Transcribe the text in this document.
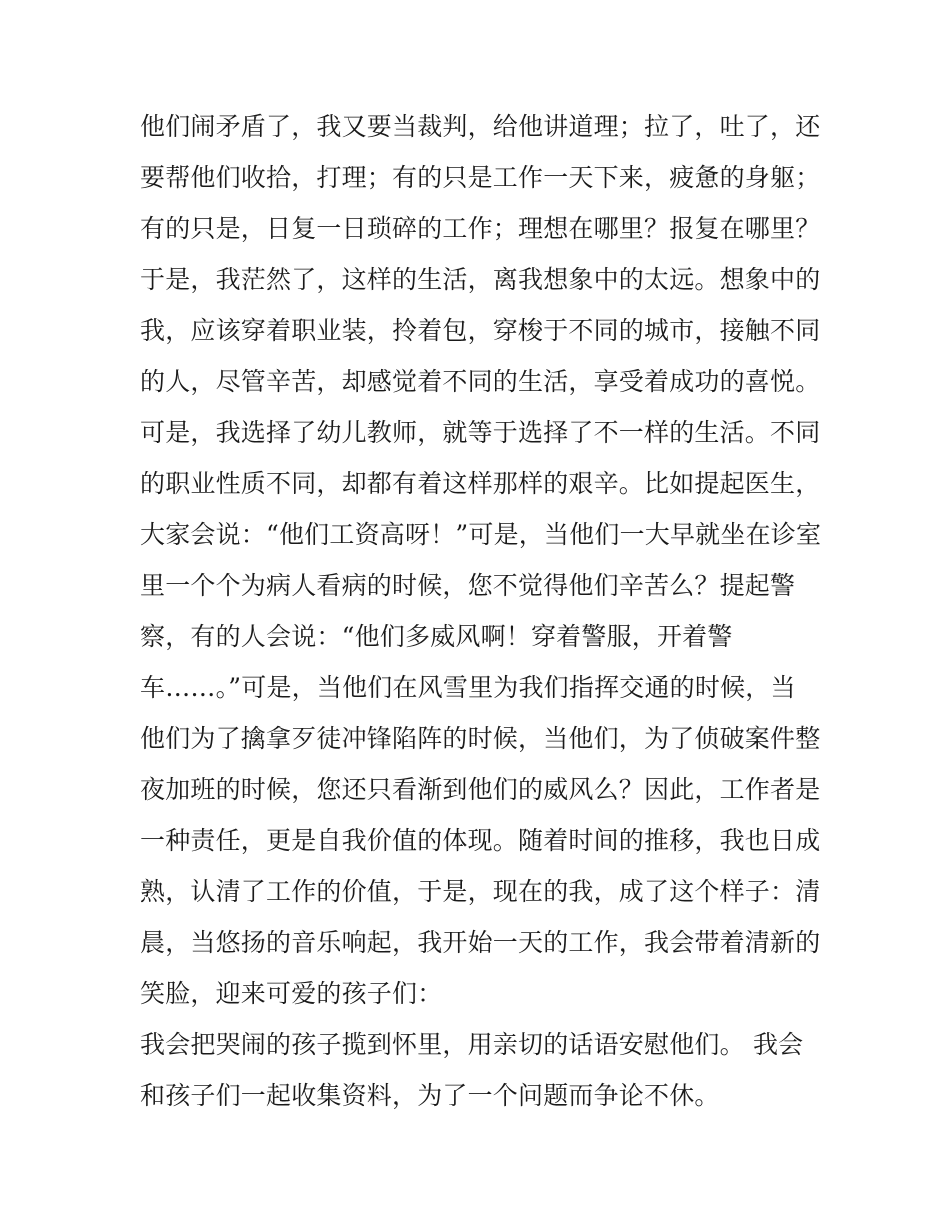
他们闹矛盾了，我又要当裁判，给他讲道理；拉了，吐了，还
要帮他们收拾，打理；有的只是工作一天下来，疲惫的身躯；
有的只是，日复一日琐碎的工作；理想在哪里？报复在哪里？
于是，我茫然了，这样的生活，离我想象中的太远。想象中的
我，应该穿着职业装，拎着包，穿梭于不同的城市，接触不同
的人，尽管辛苦，却感觉着不同的生活，享受着成功的喜悦。
可是，我选择了幼儿教师，就等于选择了不一样的生活。不同
的职业性质不同，却都有着这样那样的艰辛。比如提起医生，
大家会说：“他们工资高呀！”可是，当他们一大早就坐在诊室
里一个个为病人看病的时候，您不觉得他们辛苦么？提起警
察，有的人会说：“他们多威风啊！穿着警服，开着警
车……。”可是，当他们在风雪里为我们指挥交通的时候，当
他们为了擒拿歹徒冲锋陷阵的时候，当他们，为了侦破案件整
夜加班的时候，您还只看渐到他们的威风么？因此，工作者是
一种责任，更是自我价值的体现。随着时间的推移，我也日成
熟，认清了工作的价值，于是，现在的我，成了这个样子：清
晨，当悠扬的音乐响起，我开始一天的工作，我会带着清新的
笑脸，迎来可爱的孩子们：
我会把哭闹的孩子揽到怀里，用亲切的话语安慰他们。 我会
和孩子们一起收集资料，为了一个问题而争论不休。
